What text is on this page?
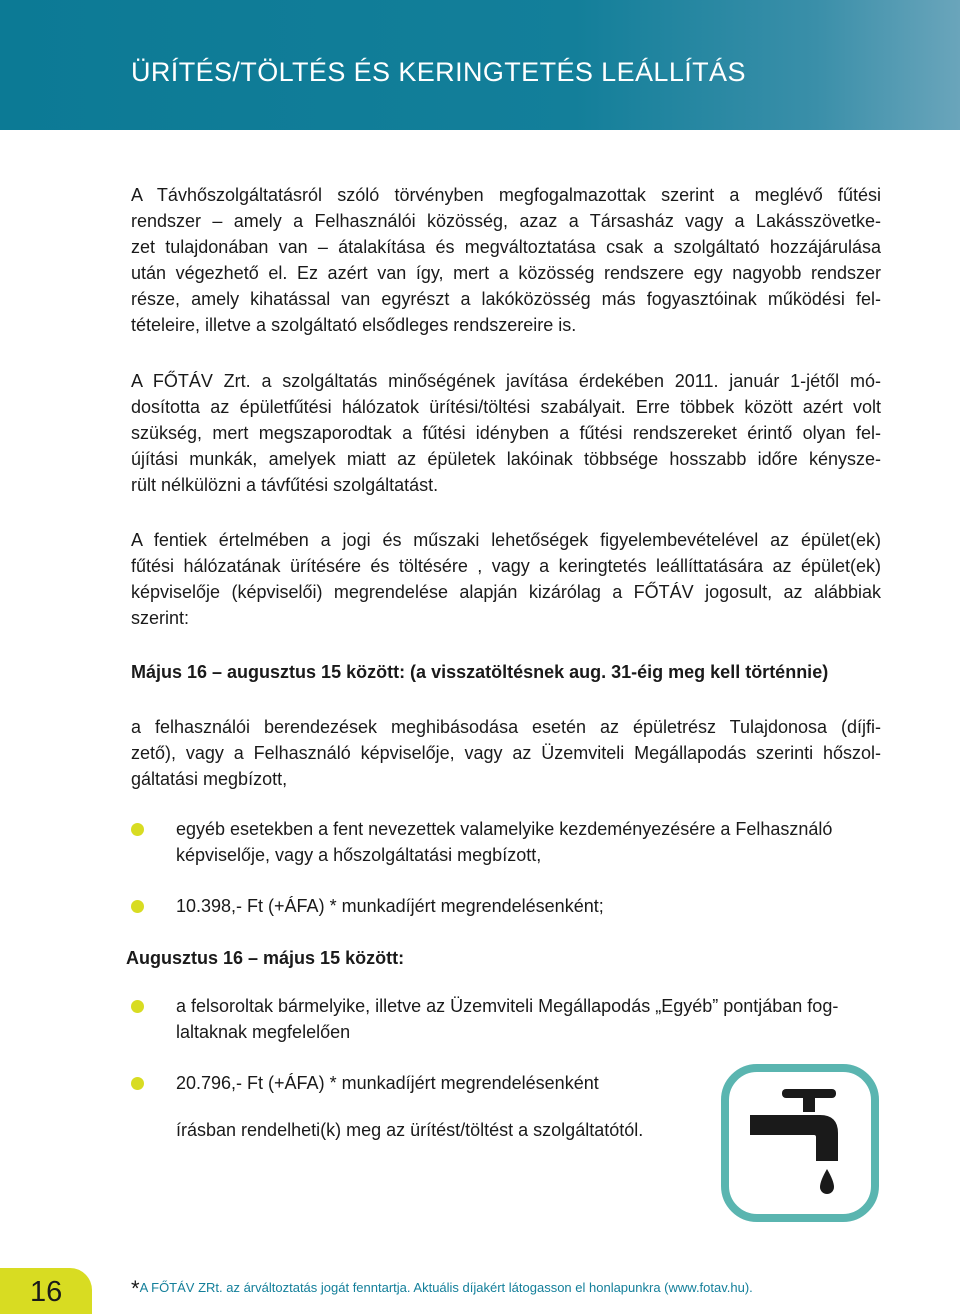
ÜRÍTÉS/TÖLTÉS ÉS KERINGTETÉS LEÁLLÍTÁS
A Távhőszolgáltatásról szóló törvényben megfogalmazottak szerint a meglévő fűtési
rendszer – amely a Felhasználói közösség, azaz a Társasház vagy a Lakásszövetke-
zet tulajdonában van – átalakítása és megváltoztatása csak a szolgáltató hozzájárulása
után végezhető el. Ez azért van így, mert a közösség rendszere egy nagyobb rendszer
része, amely kihatással van egyrészt a lakóközösség más fogyasztóinak működési fel-
tételeire, illetve a szolgáltató elsődleges rendszereire is.
A FŐTÁV Zrt. a szolgáltatás minőségének javítása érdekében 2011. január 1-jétől mó-
dosította az épületfűtési hálózatok ürítési/töltési szabályait. Erre többek között azért volt
szükség, mert megszaporodtak a fűtési idényben a fűtési rendszereket érintő olyan fel-
újítási munkák, amelyek miatt az épületek lakóinak többsége hosszabb időre kényszе-
rült nélkülözni a távfűtési szolgáltatást.
A fentiek értelmében a jogi és műszaki lehetőségek figyelembevételével az épület(ek)
fűtési hálózatának ürítésére és töltésére , vagy a keringtetés leállíttatására az épület(ek)
képviselője (képviselői) megrendelése alapján kizárólag a FŐTÁV jogosult, az alábbiak
szerint:
Május 16 – augusztus 15 között: (a visszatöltésnek aug. 31-éig meg kell történnie)
a felhasználói berendezések meghibásodása esetén az épületrész Tulajdonosa (díjfi-
zető), vagy a Felhasználó képviselője, vagy az Üzemviteli Megállapodás szerinti hőszol-
gáltatási megbízott,
egyéb esetekben a fent nevezettek valamelyike kezdeményezésére a Felhasználó
képviselője, vagy a hőszolgáltatási megbízott,
10.398,- Ft (+ÁFA) * munkadíjért megrendelésenként;
Augusztus 16 – május 15 között:
a felsoroltak bármelyike, illetve az Üzemviteli Megállapodás „Egyéb” pontjában fog-
laltaknak megfelelően
20.796,- Ft (+ÁFA) * munkadíjért megrendelésenként
írásban rendelheti(k) meg az ürítést/töltést a szolgáltatótól.
16	*A FŐTÁV ZRt. az árváltoztatás jogát fenntartja. Aktuális díjakért látogasson el honlapunkra (www.fotav.hu).
